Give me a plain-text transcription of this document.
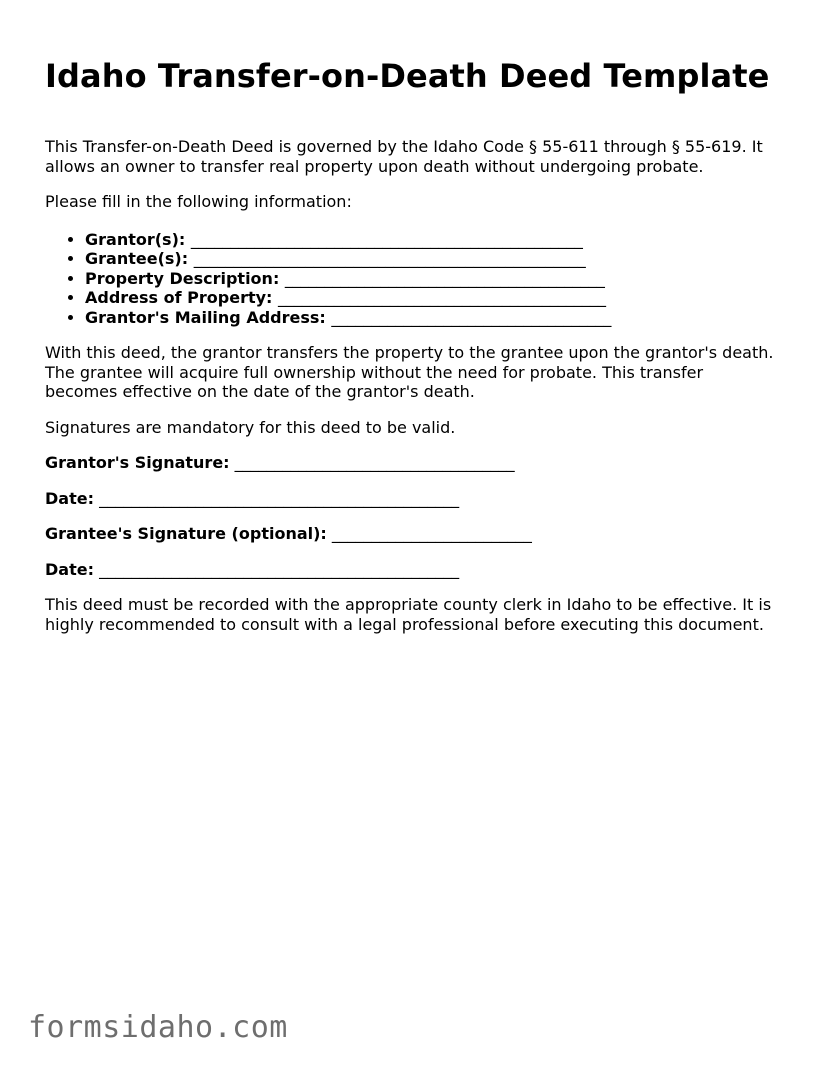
Idaho Transfer-on-Death Deed Template

This Transfer-on-Death Deed is governed by the Idaho Code § 55-611 through § 55-619. It allows an owner to transfer real property upon death without undergoing probate.

Please fill in the following information:

• Grantor(s): _________________________________________________
• Grantee(s): _________________________________________________
• Property Description: ________________________________________
• Address of Property: _________________________________________
• Grantor's Mailing Address: ___________________________________

With this deed, the grantor transfers the property to the grantee upon the grantor's death. The grantee will acquire full ownership without the need for probate. This transfer becomes effective on the date of the grantor's death.

Signatures are mandatory for this deed to be valid.

Grantor's Signature: ___________________________________

Date: _____________________________________________

Grantee's Signature (optional): _________________________

Date: _____________________________________________

This deed must be recorded with the appropriate county clerk in Idaho to be effective. It is highly recommended to consult with a legal professional before executing this document.

formsidaho.com
